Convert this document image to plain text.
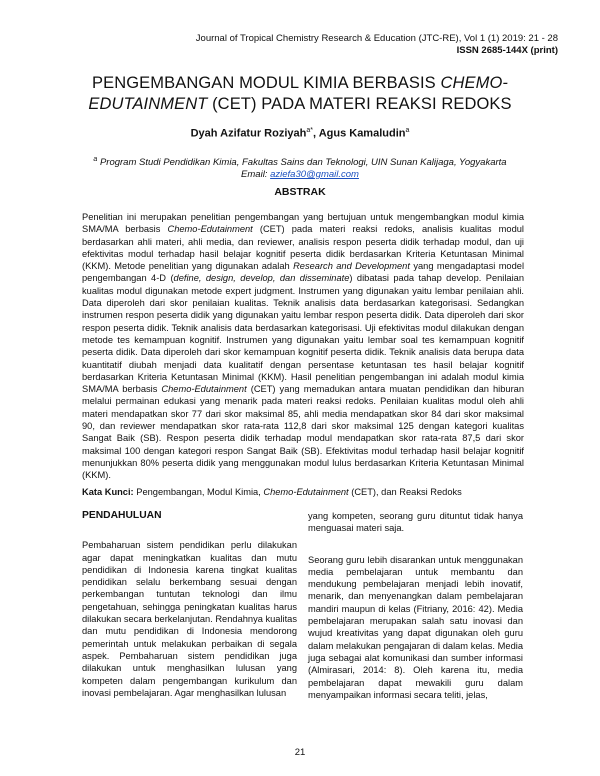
Journal of Tropical Chemistry Research & Education (JTC-RE), Vol 1 (1) 2019: 21 - 28
ISSN 2685-144X (print)
PENGEMBANGAN MODUL KIMIA BERBASIS CHEMO-EDUTAINMENT (CET) PADA MATERI REAKSI REDOKS
Dyah Azifatur Roziyah$^{a*}$, Agus Kamaludin$^a$
$^a$ Program Studi Pendidikan Kimia, Fakultas Sains dan Teknologi, UIN Sunan Kalijaga, Yogyakarta
Email: aziefa30@gmail.com
ABSTRAK
Penelitian ini merupakan penelitian pengembangan yang bertujuan untuk mengembangkan modul kimia SMA/MA berbasis Chemo-Edutainment (CET) pada materi reaksi redoks, analisis kualitas modul berdasarkan ahli materi, ahli media, dan reviewer, analisis respon peserta didik terhadap modul, dan uji efektivitas modul terhadap hasil belajar kognitif peserta didik berdasarkan Kriteria Ketuntasan Minimal (KKM). Metode penelitian yang digunakan adalah Research and Development yang mengadaptasi model pengembangan 4-D (define, design, develop, dan disseminate) dibatasi pada tahap develop. Penilaian kualitas modul digunakan metode expert judgment. Instrumen yang digunakan yaitu lembar penilaian ahli. Data diperoleh dari skor penilaian kualitas. Teknik analisis data berdasarkan kategorisasi. Sedangkan instrumen respon peserta didik yang digunakan yaitu lembar respon peserta didik. Data diperoleh dari skor respon peserta didik. Teknik analisis data berdasarkan kategorisasi. Uji efektivitas modul dilakukan dengan metode tes kemampuan kognitif. Instrumen yang digunakan yaitu lembar soal tes kemampuan kognitif peserta didik. Data diperoleh dari skor kemampuan kognitif peserta didik. Teknik analisis data berupa data kuantitatif diubah menjadi data kualitatif dengan persentase ketuntasan tes hasil belajar kognitif berdasarkan Kriteria Ketuntasan Minimal (KKM). Hasil penelitian pengembangan ini adalah modul kimia SMA/MA berbasis Chemo-Edutainment (CET) yang memadukan antara muatan pendidikan dan hiburan melalui permainan edukasi yang menarik pada materi reaksi redoks. Penilaian kualitas modul oleh ahli materi mendapatkan skor 77 dari skor maksimal 85, ahli media mendapatkan skor 84 dari skor maksimal 90, dan reviewer mendapatkan skor rata-rata 112,8 dari skor maksimal 125 dengan kategori kualitas Sangat Baik (SB). Respon peserta didik terhadap modul mendapatkan skor rata-rata 87,5 dari skor maksimal 100 dengan kategori respon Sangat Baik (SB). Efektivitas modul terhadap hasil belajar kognitif menunjukkan 80% peserta didik yang menggunakan modul lulus berdasarkan Kriteria Ketuntasan Minimal (KKM).
Kata Kunci: Pengembangan, Modul Kimia, Chemo-Edutainment (CET), dan Reaksi Redoks
PENDAHULUAN

Pembaharuan sistem pendidikan perlu dilakukan agar dapat meningkatkan kualitas dan mutu pendidikan di Indonesia karena tingkat kualitas pendidikan selalu berkembang sesuai dengan perkembangan tuntutan teknologi dan ilmu pengetahuan, sehingga peningkatan kualitas harus dilakukan secara berkelanjutan. Rendahnya kualitas dan mutu pendidikan di Indonesia mendorong pemerintah untuk melakukan perbaikan di segala aspek. Pembaharuan sistem pendidikan juga dilakukan untuk menghasilkan lulusan yang kompeten dalam pengembangan kurikulum dan inovasi pembelajaran. Agar menghasilkan lulusan

yang kompeten, seorang guru dituntut tidak hanya menguasai materi saja.

Seorang guru lebih disarankan untuk menggunakan media pembelajaran untuk membantu dan mendukung pembelajaran menjadi lebih inovatif, menarik, dan menyenangkan dalam pembelajaran mandiri maupun di kelas (Fitriany, 2016: 42). Media pembelajaran merupakan salah satu inovasi dan wujud kreativitas yang dapat digunakan oleh guru dalam melakukan pengajaran di dalam kelas. Media juga sebagai alat komunikasi dan sumber informasi (Almirasari, 2014: 8). Oleh karena itu, media pembelajaran dapat mewakili guru dalam menyampaikan informasi secara teliti, jelas,

21
